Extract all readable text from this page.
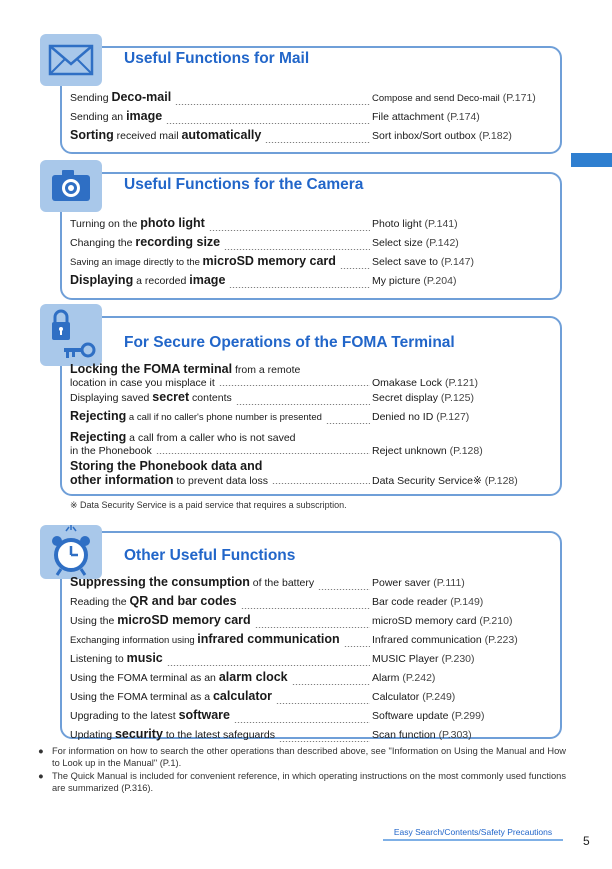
Useful Functions for Mail
Sending Deco-mail	Compose and send Deco-mail (P.171)
Sending an image	File attachment (P.174)
Sorting received mail automatically	Sort inbox/Sort outbox (P.182)
Useful Functions for the Camera
Turning on the photo light	Photo light (P.141)
Changing the recording size	Select size (P.142)
Saving an image directly to the microSD memory card	Select save to (P.147)
Displaying a recorded image	My picture (P.204)
For Secure Operations of the FOMA Terminal
Locking the FOMA terminal from a remote
location in case you misplace it	Omakase Lock (P.121)
Displaying saved secret contents	Secret display (P.125)
Rejecting a call if no caller's phone number is presented	Denied no ID (P.127)
Rejecting a call from a caller who is not saved
in the Phonebook	Reject unknown (P.128)
Storing the Phonebook data and
other information to prevent data loss	Data Security Service※ (P.128)
※ Data Security Service is a paid service that requires a subscription.
Other Useful Functions
Suppressing the consumption of the battery	Power saver (P.111)
Reading the QR and bar codes	Bar code reader (P.149)
Using the microSD memory card	microSD memory card (P.210)
Exchanging information using infrared communication	Infrared communication (P.223)
Listening to music	MUSIC Player (P.230)
Using the FOMA terminal as an alarm clock	Alarm (P.242)
Using the FOMA terminal as a calculator	Calculator (P.249)
Upgrading to the latest software	Software update (P.299)
Updating security to the latest safeguards	Scan function (P.303)
● For information on how to search the other operations than described above, see "Information on Using the Manual and How to Look up in the Manual" (P.1).
● The Quick Manual is included for convenient reference, in which operating instructions on the most commonly used functions are summarized (P.316).
Easy Search/Contents/Safety Precautions
5
